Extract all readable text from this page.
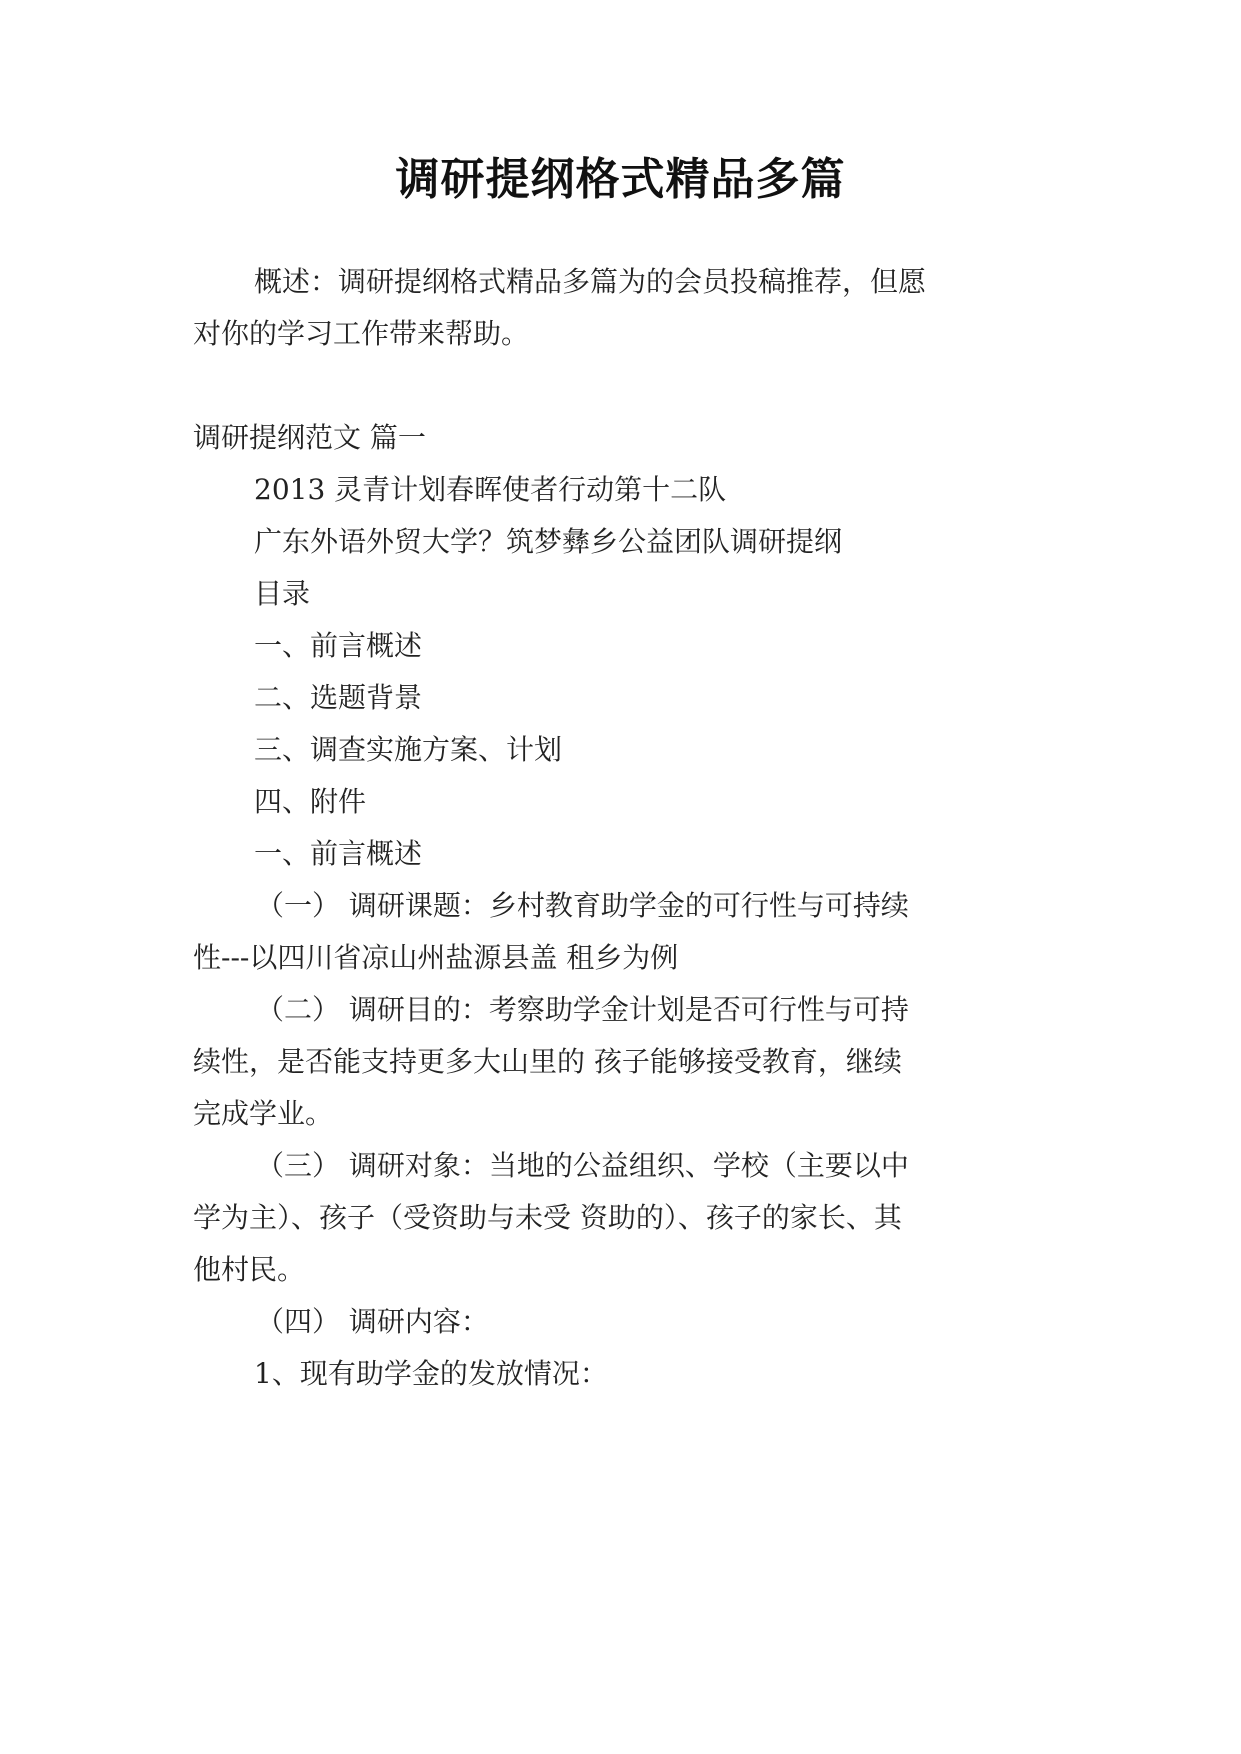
调研提纲格式精品多篇
概述：调研提纲格式精品多篇为的会员投稿推荐，但愿
对你的学习工作带来帮助。
调研提纲范文 篇一
2013 灵青计划春晖使者行动第十二队
广东外语外贸大学？筑梦彝乡公益团队调研提纲
目录
一、前言概述
二、选题背景
三、调查实施方案、计划
四、附件
一、前言概述
（一） 调研课题：乡村教育助学金的可行性与可持续
性---以四川省凉山州盐源县盖 租乡为例
（二） 调研目的：考察助学金计划是否可行性与可持
续性，是否能支持更多大山里的 孩子能够接受教育，继续
完成学业。
（三） 调研对象：当地的公益组织、学校（主要以中
学为主）、孩子（受资助与未受 资助的）、孩子的家长、其
他村民。
（四） 调研内容：
1、现有助学金的发放情况：
